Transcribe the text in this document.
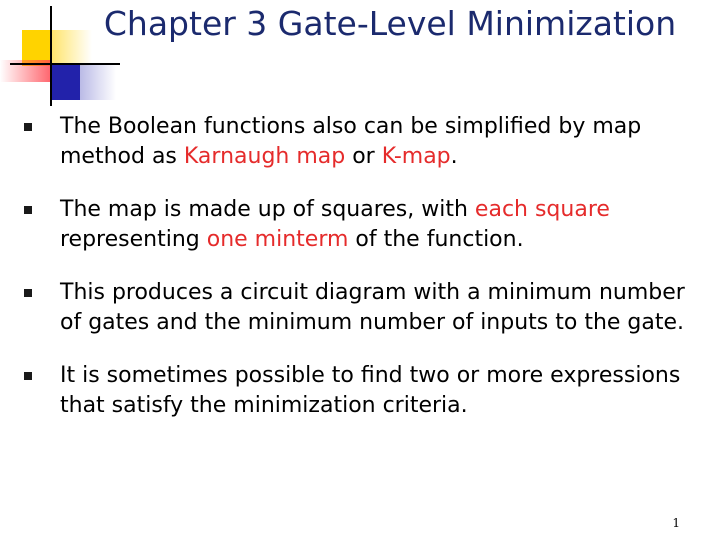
Chapter 3 Gate-Level Minimization
The Boolean functions also can be simplified by map method as Karnaugh map or K-map.
The map is made up of squares, with each square representing one minterm of the function.
This produces a circuit diagram with a minimum number of gates and the minimum number of inputs to the gate.
It is sometimes possible to find two or more expressions that satisfy the minimization criteria.
1
